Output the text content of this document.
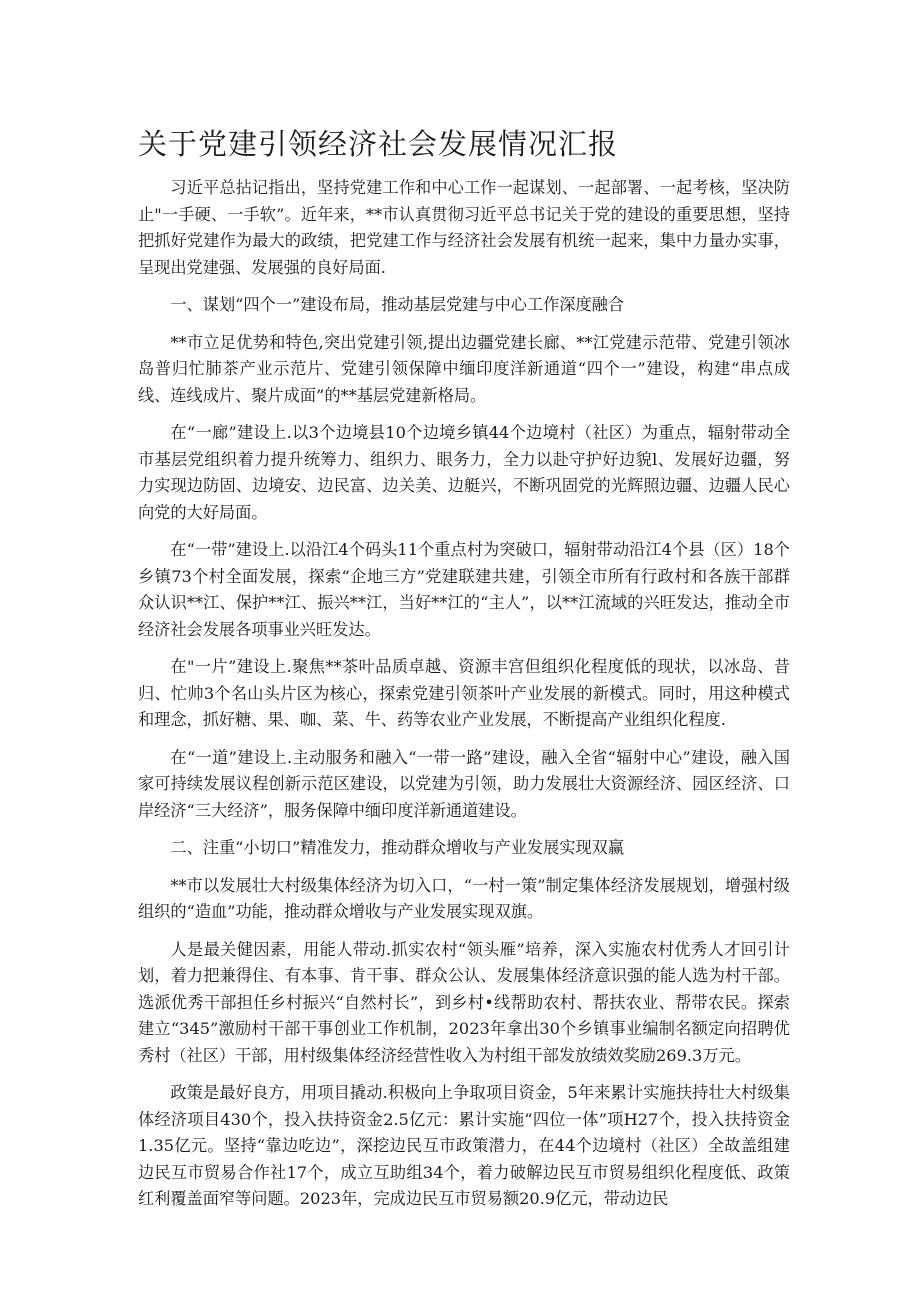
关于党建引领经济社会发展情况汇报

习近平总拈记指出，坚持党建工作和中心工作一起谋划、一起部署、一起考核，坚决防止"一手硬、一手软”。近年来，**市认真贯彻习近平总书记关于党的建设的重要思想，坚持把抓好党建作为最大的政绩，把党建工作与经济社会发展有机统一起来，集中力量办实事，呈现出党建强、发展强的良好局面.

一、谋划“四个一”建设布局，推动基层党建与中心工作深度融合

**市立足优势和特色,突出党建引领,提出边疆党建长廊、**江党建示范带、党建引领冰岛普归忙肺茶产业示范片、党建引领保障中缅印度洋新通道“四个一”建设，构建“串点成线、连线成片、聚片成面”的**基层党建新格局。

在“一廊”建设上.以3个边境县10个边境乡镇44个边境村（社区）为重点，辐射带动全市基层党组织着力提升统筹力、组织力、眼务力，全力以赴守护好边貌l、发展好边疆，努力实现边防固、边境安、边民富、边关美、边艇兴，不断巩固党的光辉照边疆、边疆人民心向党的大好局面。

在“一带”建设上.以沿江4个码头11个重点村为突破口，辐射带动沿江4个县（区）18个乡镇73个村全面发展，探索“企地三方”党建联建共建，引领全市所有行政村和各族干部群众认识**江、保护**江、振兴**江，当好**江的“主人”，以**江流域的兴旺发达，推动全市经济社会发展各项事业兴旺发达。

在"一片”建设上.聚焦**茶叶品质卓越、资源丰宫但组织化程度低的现状，以冰岛、昔归、忙帅3个名山头片区为核心，探索党建引领茶叶产业发展的新模式。同时，用这种模式和理念，抓好糖、果、咖、菜、牛、药等农业产业发展，不断提高产业组织化程度.

在“一道”建设上.主动服务和融入“一带一路”建设，融入全省“辐射中心”建设，融入国家可持续发展议程创新示范区建设，以党建为引领，助力发展壮大资源经济、园区经济、口岸经济“三大经济”，服务保障中缅印度洋新通道建设。

二、注重“小切口”精准发力，推动群众增收与产业发展实现双赢

**市以发展壮大村级集体经济为切入口，“一村一策”制定集体经济发展规划，增强村级组织的“造血”功能，推动群众增收与产业发展实现双旗。

人是最关健因素，用能人带动.抓实农村“领头雁”培养，深入实施农村优秀人才回引计划，着力把兼得住、有本事、肯干事、群众公认、发展集体经济意识强的能人选为村干部。选派优秀干部担任乡村振兴“自然村长”，到乡村•线帮助农村、帮扶农业、帮带农民。探索建立“345”激励村干部干事创业工作机制，2023年拿出30个乡镇事业编制名额定向招聘优秀村（社区）干部，用村级集体经济经营性收入为村组干部发放绩效奖励269.3万元。

政策是最好良方，用项目撬动.积极向上争取项目资金，5年来累计实施扶持壮大村级集体经济项目430个，投入扶持资金2.5亿元：累计实施“四位一体”项H27个，投入扶持资金1.35亿元。坚持“靠边吃边”，深挖边民互市政策潜力，在44个边境村（社区）全故盖组建边民互市贸易合作社17个，成立互助组34个，着力破解边民互市贸易组织化程度低、政策红利覆盖面窄等问题。2023年，完成边民互市贸易额20.9亿元，带动边民
